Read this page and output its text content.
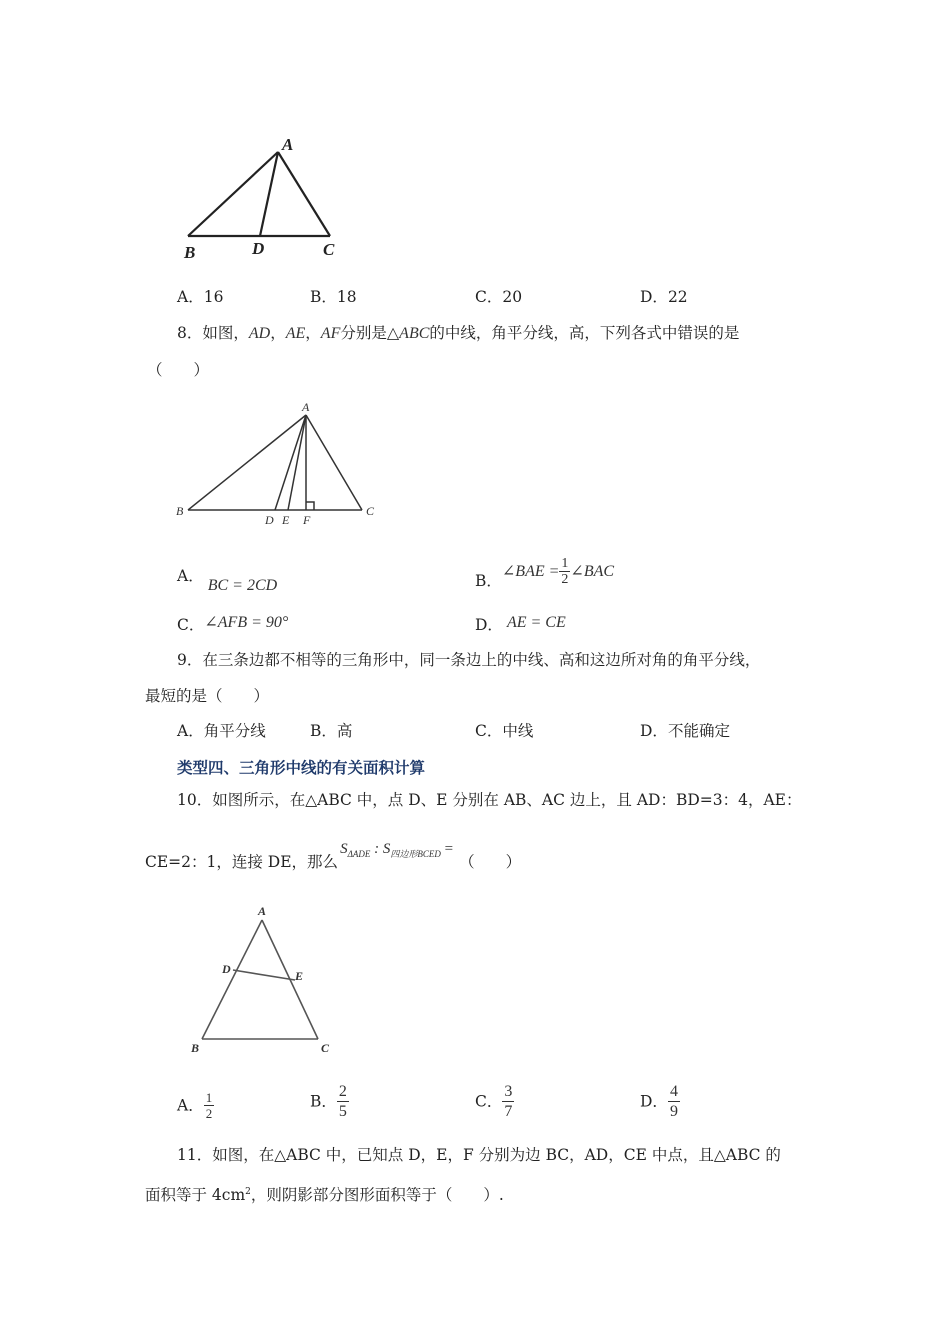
A
B	D	C
A．16	B．18	C．20	D．22
8．如图，AD，AE，AF分别是△ABC的中线，角平分线，高，下列各式中错误的是
（　　）
A
B
D E F
C
A．BC = 2CD	B．∠BAE = $\frac{1}{2}$ ∠BAC
C．∠AFB = 90°	D． AE = CE
9．在三条边都不相等的三角形中，同一条边上的中线、高和这边所对角的角平分线，
最短的是（　　）
A．角平分线	B．高	C．中线	D．不能确定
类型四、三角形中线的有关面积计算
10．如图所示，在△ABC 中，点 D、E 分别在 AB、AC 边上，且 AD：BD=3：4，AE：
CE=2：1，连接 DE，那么$S_{\Delta ADE}$ : $S_{四边形BCED}$ =（　　）
A
D	E
B	C
A． $\frac{1}{2}$	B． $\frac{2}{5}$	C． $\frac{3}{7}$	D． $\frac{4}{9}$
11．如图，在△ABC 中，已知点 D，E，F 分别为边 BC，AD，CE 中点，且△ABC 的
面积等于 $4cm^2$，则阴影部分图形面积等于（　　）.
